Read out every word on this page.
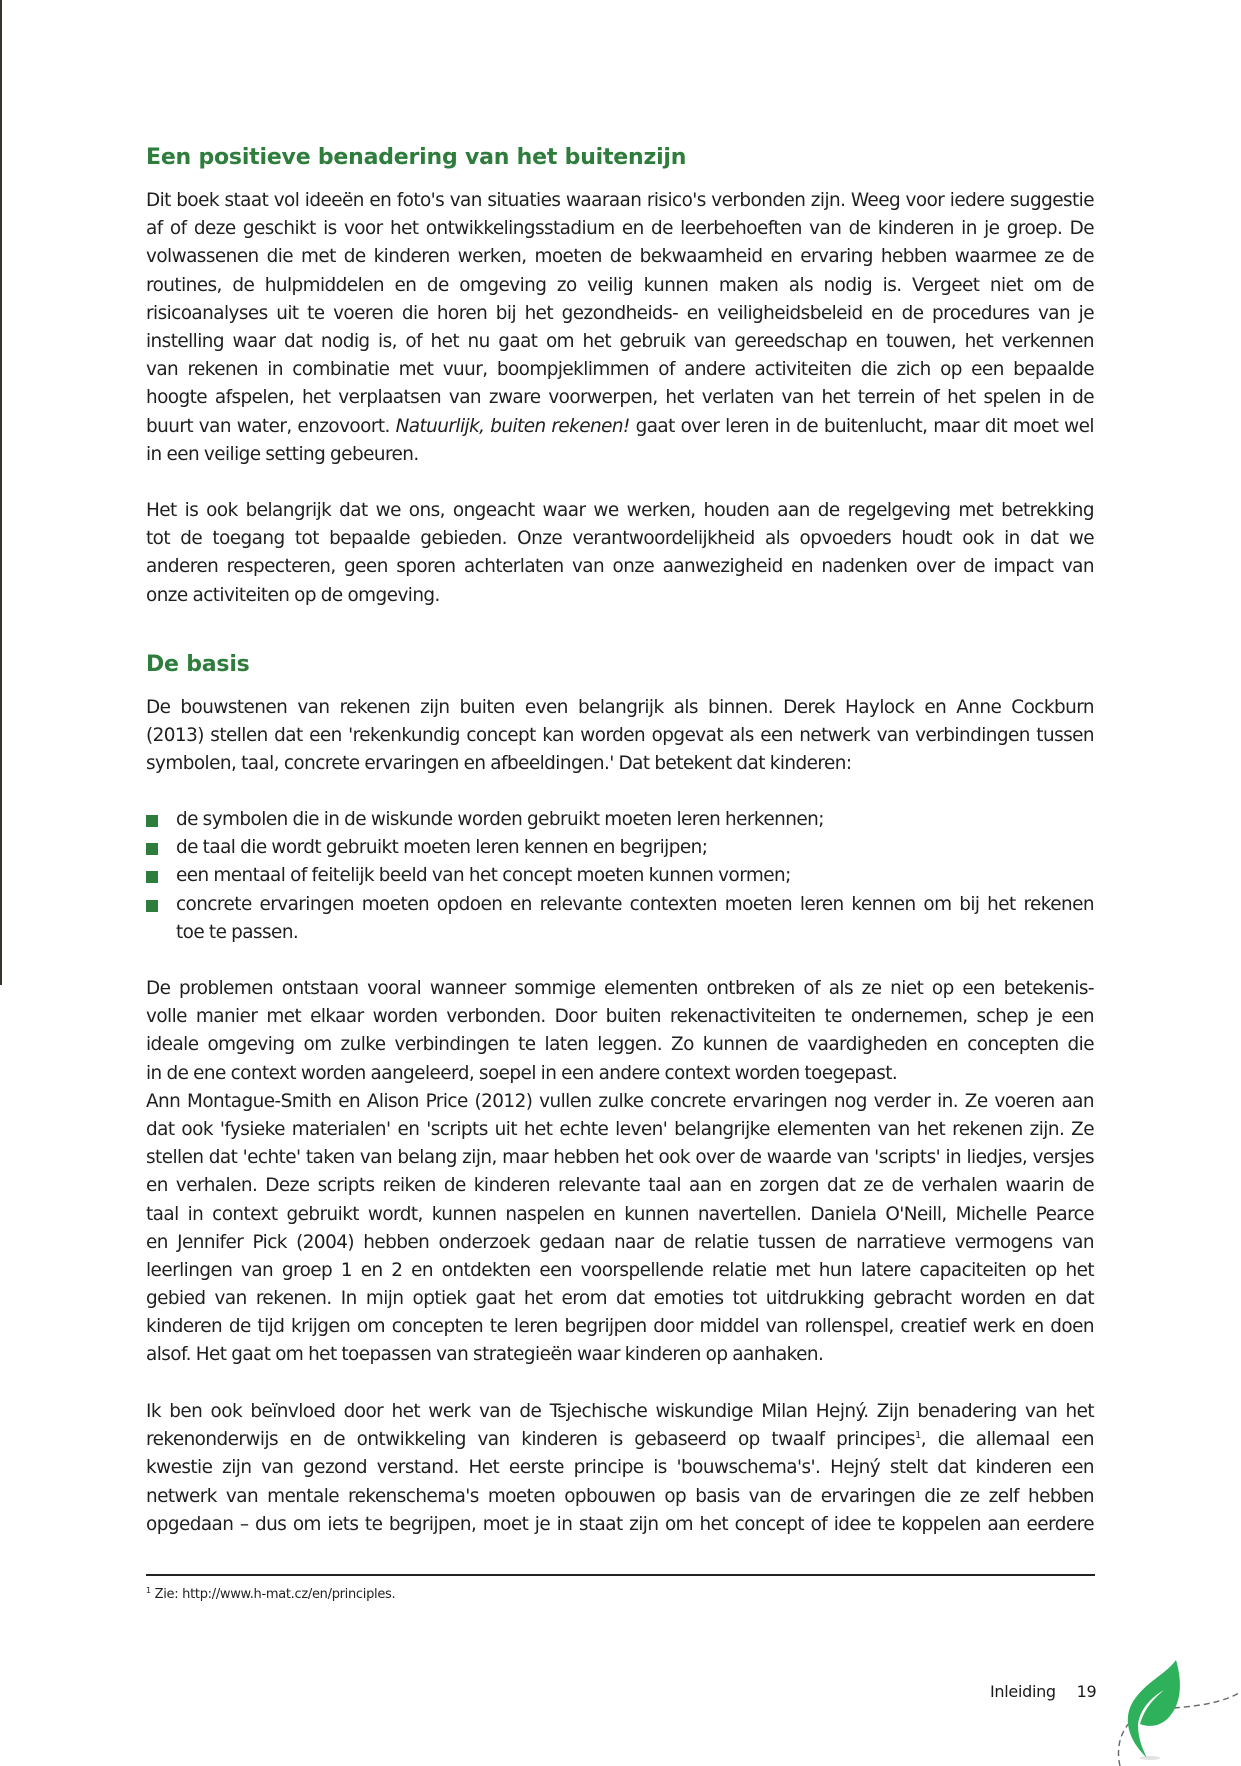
Een positieve benadering van het buitenzijn
Dit boek staat vol ideeën en foto's van situaties waaraan risico's verbonden zijn. Weeg voor iedere suggestie
af of deze geschikt is voor het ontwikkelingsstadium en de leerbehoeften van de kinderen in je groep. De
volwassenen die met de kinderen werken, moeten de bekwaamheid en ervaring hebben waarmee ze de
routines, de hulpmiddelen en de omgeving zo veilig kunnen maken als nodig is. Vergeet niet om de
risicoanalyses uit te voeren die horen bij het gezondheids- en veiligheidsbeleid en de procedures van je
instelling waar dat nodig is, of het nu gaat om het gebruik van gereedschap en touwen, het verkennen
van rekenen in combinatie met vuur, boompjeklimmen of andere activiteiten die zich op een bepaalde
hoogte afspelen, het verplaatsen van zware voorwerpen, het verlaten van het terrein of het spelen in de
buurt van water, enzovoort. Natuurlijk, buiten rekenen! gaat over leren in de buitenlucht, maar dit moet wel
in een veilige setting gebeuren.
Het is ook belangrijk dat we ons, ongeacht waar we werken, houden aan de regelgeving met betrekking
tot de toegang tot bepaalde gebieden. Onze verantwoordelijkheid als opvoeders houdt ook in dat we
anderen respecteren, geen sporen achterlaten van onze aanwezigheid en nadenken over de impact van
onze activiteiten op de omgeving.
De basis
De bouwstenen van rekenen zijn buiten even belangrijk als binnen. Derek Haylock en Anne Cockburn
(2013) stellen dat een 'rekenkundig concept kan worden opgevat als een netwerk van verbindingen tussen
symbolen, taal, concrete ervaringen en afbeeldingen.' Dat betekent dat kinderen:
de symbolen die in de wiskunde worden gebruikt moeten leren herkennen;
de taal die wordt gebruikt moeten leren kennen en begrijpen;
een mentaal of feitelijk beeld van het concept moeten kunnen vormen;
concrete ervaringen moeten opdoen en relevante contexten moeten leren kennen om bij het rekenen
toe te passen.
De problemen ontstaan vooral wanneer sommige elementen ontbreken of als ze niet op een betekenis-
volle manier met elkaar worden verbonden. Door buiten rekenactiviteiten te ondernemen, schep je een
ideale omgeving om zulke verbindingen te laten leggen. Zo kunnen de vaardigheden en concepten die
in de ene context worden aangeleerd, soepel in een andere context worden toegepast.
Ann Montague-Smith en Alison Price (2012) vullen zulke concrete ervaringen nog verder in. Ze voeren aan
dat ook 'fysieke materialen' en 'scripts uit het echte leven' belangrijke elementen van het rekenen zijn. Ze
stellen dat 'echte' taken van belang zijn, maar hebben het ook over de waarde van 'scripts' in liedjes, versjes
en verhalen. Deze scripts reiken de kinderen relevante taal aan en zorgen dat ze de verhalen waarin de
taal in context gebruikt wordt, kunnen naspelen en kunnen navertellen. Daniela O'Neill, Michelle Pearce
en Jennifer Pick (2004) hebben onderzoek gedaan naar de relatie tussen de narratieve vermogens van
leerlingen van groep 1 en 2 en ontdekten een voorspellende relatie met hun latere capaciteiten op het
gebied van rekenen. In mijn optiek gaat het erom dat emoties tot uitdrukking gebracht worden en dat
kinderen de tijd krijgen om concepten te leren begrijpen door middel van rollenspel, creatief werk en doen
alsof. Het gaat om het toepassen van strategieën waar kinderen op aanhaken.
Ik ben ook beïnvloed door het werk van de Tsjechische wiskundige Milan Hejný. Zijn benadering van het
rekenonderwijs en de ontwikkeling van kinderen is gebaseerd op twaalf principes$^1$, die allemaal een
kwestie zijn van gezond verstand. Het eerste principe is 'bouwschema's'. Hejný stelt dat kinderen een
netwerk van mentale rekenschema's moeten opbouwen op basis van de ervaringen die ze zelf hebben
opgedaan – dus om iets te begrijpen, moet je in staat zijn om het concept of idee te koppelen aan eerdere
$^1$ Zie: http://www.h-mat.cz/en/principles.
Inleiding 19
